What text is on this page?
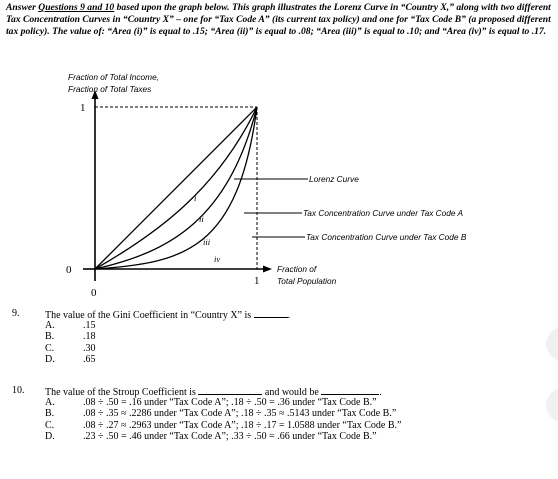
Answer Questions 9 and 10 based upon the graph below. This graph illustrates the Lorenz Curve in “Country X,” along with two different Tax Concentration Curves in “Country X” – one for “Tax Code A” (its current tax policy) and one for “Tax Code B” (a proposed different tax policy). The value of: “Area (i)” is equal to .15; “Area (ii)” is equal to .08; “Area (iii)” is equal to .10; and “Area (iv)” is equal to .17.
Fraction of Total Income,
Fraction of Total Taxes
Lorenz Curve
Tax Concentration Curve under Tax Code A
Tax Concentration Curve under Tax Code B
Fraction of
Total Population
i
ii
iii
iv
1
0
0
1
9.	The value of the Gini Coefficient in “Country X” is	.
A.	.15
B.	.18
C.	.30
D.	.65
10. The value of the Stroup Coefficient is	and would be	.
A.	.08 ÷ .50 = .16 under “Tax Code A”; .18 ÷ .50 = .36 under “Tax Code B.”
B.	.08 ÷ .35 ≈ .2286 under “Tax Code A”; .18 ÷ .35 ≈ .5143 under “Tax Code B.”
C.	.08 ÷ .27 ≈ .2963 under “Tax Code A”; .18 ÷ .17 = 1.0588 under “Tax Code B.”
D.	.23 ÷ .50 = .46 under “Tax Code A”; .33 ÷ .50 = .66 under “Tax Code B.”
